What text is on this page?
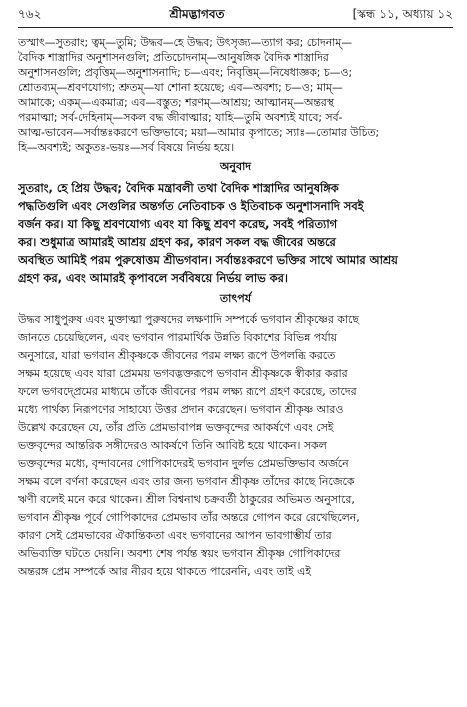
৭৬২	শ্রীমদ্ভাগবত	[স্কন্ধ ১১, অধ্যায় ১২
তস্মাৎ—সুতরাং; ত্বম্—তুমি; উদ্ধব—হে উদ্ধব; উৎসৃজ্য—ত্যাগ কর; চোদনাম্—
বৈদিক শাস্ত্রাদির অনুশাসনগুলি; প্রতিচোদনাম্—আনুষঙ্গিক বৈদিক শাস্ত্রাদির
অনুশাসনগুলি; প্রবৃত্তিম্—অনুশাসনাদি; চ—এবং; নিবৃত্তিম্—নিষেধাজ্ঞক; চ—ও;
শ্রোতব্যম্—শ্রবণযোগ্য; শ্রুতম্—যা শোনা হয়েছে; এব—অবশ্য; চ—ও; মাম্—
আমাকে; একম্—একমাত্র; এব—বস্তুত; শরণম্—আশ্রয়; আত্মানম্—অন্তরস্থ
পরমাত্মা; সর্ব-দেহিনাম্—সকল বদ্ধ জীবাত্মার; যাহি—তুমি অবশ্যই যাবে; সর্ব-
আত্ম-ভাবেন—সর্বান্তঃকরণে ভক্তিভাবে; ময়া—আমার কৃপাতে; স্যাঃ—তোমার উচিত;
হি—অবশ্যই; অকুতঃ-ভয়ঃ—সর্ব বিষয়ে নির্ভয় হয়ে।
অনুবাদ
সুতরাং, হে প্রিয় উদ্ধব; বৈদিক মন্ত্রাবলী তথা বৈদিক শাস্ত্রাদির আনুষঙ্গিক
পদ্ধতিগুলি এবং সেগুলির অন্তর্গত নেতিবাচক ও ইতিবাচক অনুশাসনাদি সবই
বর্জন কর। যা কিছু শ্রবণযোগ্য এবং যা কিছু শ্রবণ করেছ, সবই পরিত্যাগ
কর। শুধুমাত্র আমারই আশ্রয় গ্রহণ কর, কারণ সকল বদ্ধ জীবের অন্তরে
অবস্থিত আমিই পরম পুরুষোত্তম শ্রীভগবান। সর্বান্তঃকরণে ভক্তির সাথে আমার আশ্রয়
গ্রহণ কর, এবং আমারই কৃপাবলে সর্ববিষয়ে নির্ভয় লাভ কর।
তাৎপর্য
উদ্ধব সাধুপুরুষ এবং মুক্তাত্মা পুরুষদের লক্ষণাদি সম্পর্কে ভগবান শ্রীকৃষ্ণের কাছে
জানতে চেয়েছিলেন, এবং ভগবান পারমার্থিক উন্নতি বিকাশের বিভিন্ন পর্যায়
অনুসারে, যারা ভগবান শ্রীকৃষ্ণকে জীবনের পরম লক্ষ্য রূপে উপলব্ধি করতে
সক্ষম হয়েছে এবং যারা প্রেমময় ভগবদ্ভক্তরূপে ভগবান শ্রীকৃষ্ণকে স্বীকার করার
ফলে ভগবদ্প্রেমের মাধ্যমে তাঁকে জীবনের পরম লক্ষ্য রূপে গ্রহণ করেছে, তাদের
মধ্যে পার্থক্য নিরূপণের সাহায্যে উত্তর প্রদান করেছেন। ভগবান শ্রীকৃষ্ণ আরও
উল্লেখ করেছেন যে, তাঁর প্রতি প্রেমভাবাপন্ন ভক্তবৃন্দের আকর্ষণে এবং সেই
ভক্তবৃন্দের আন্তরিক সঙ্গীদেরও আকর্ষণে তিনি আবিষ্ট হয়ে থাকেন। সকল
ভক্তবৃন্দের মধ্যে, বৃন্দাবনের গোপিকাদেরই ভগবান দুর্লভ প্রেমভক্তিভাব অর্জনে
সক্ষম বলে বর্ণনা করেছেন এবং তার জন্য ভগবান শ্রীকৃষ্ণ তাঁদের কাছে নিজেকে
ঋণী বলেই মনে করে থাকেন। শ্রীল বিশ্বনাথ চক্রবর্তী ঠাকুরের অভিমত অনুসারে,
ভগবান শ্রীকৃষ্ণ পূর্বে গোপিকাদের প্রেমভাব তাঁর অন্তরে গোপন করে রেখেছিলেন,
কারণ সেই প্রেমভাবের ঐকান্তিকতা এবং ভগবানের আপন ভাবগাম্ভীর্য তার
অভিব্যক্তি ঘটতে দেয়নি। অবশ্য শেষ পর্যন্ত স্বয়ং ভগবান শ্রীকৃষ্ণ গোপিকাদের
অন্তরঙ্গ প্রেম সম্পর্কে আর নীরব হয়ে থাকতে পারেননি, এবং তাই এই
